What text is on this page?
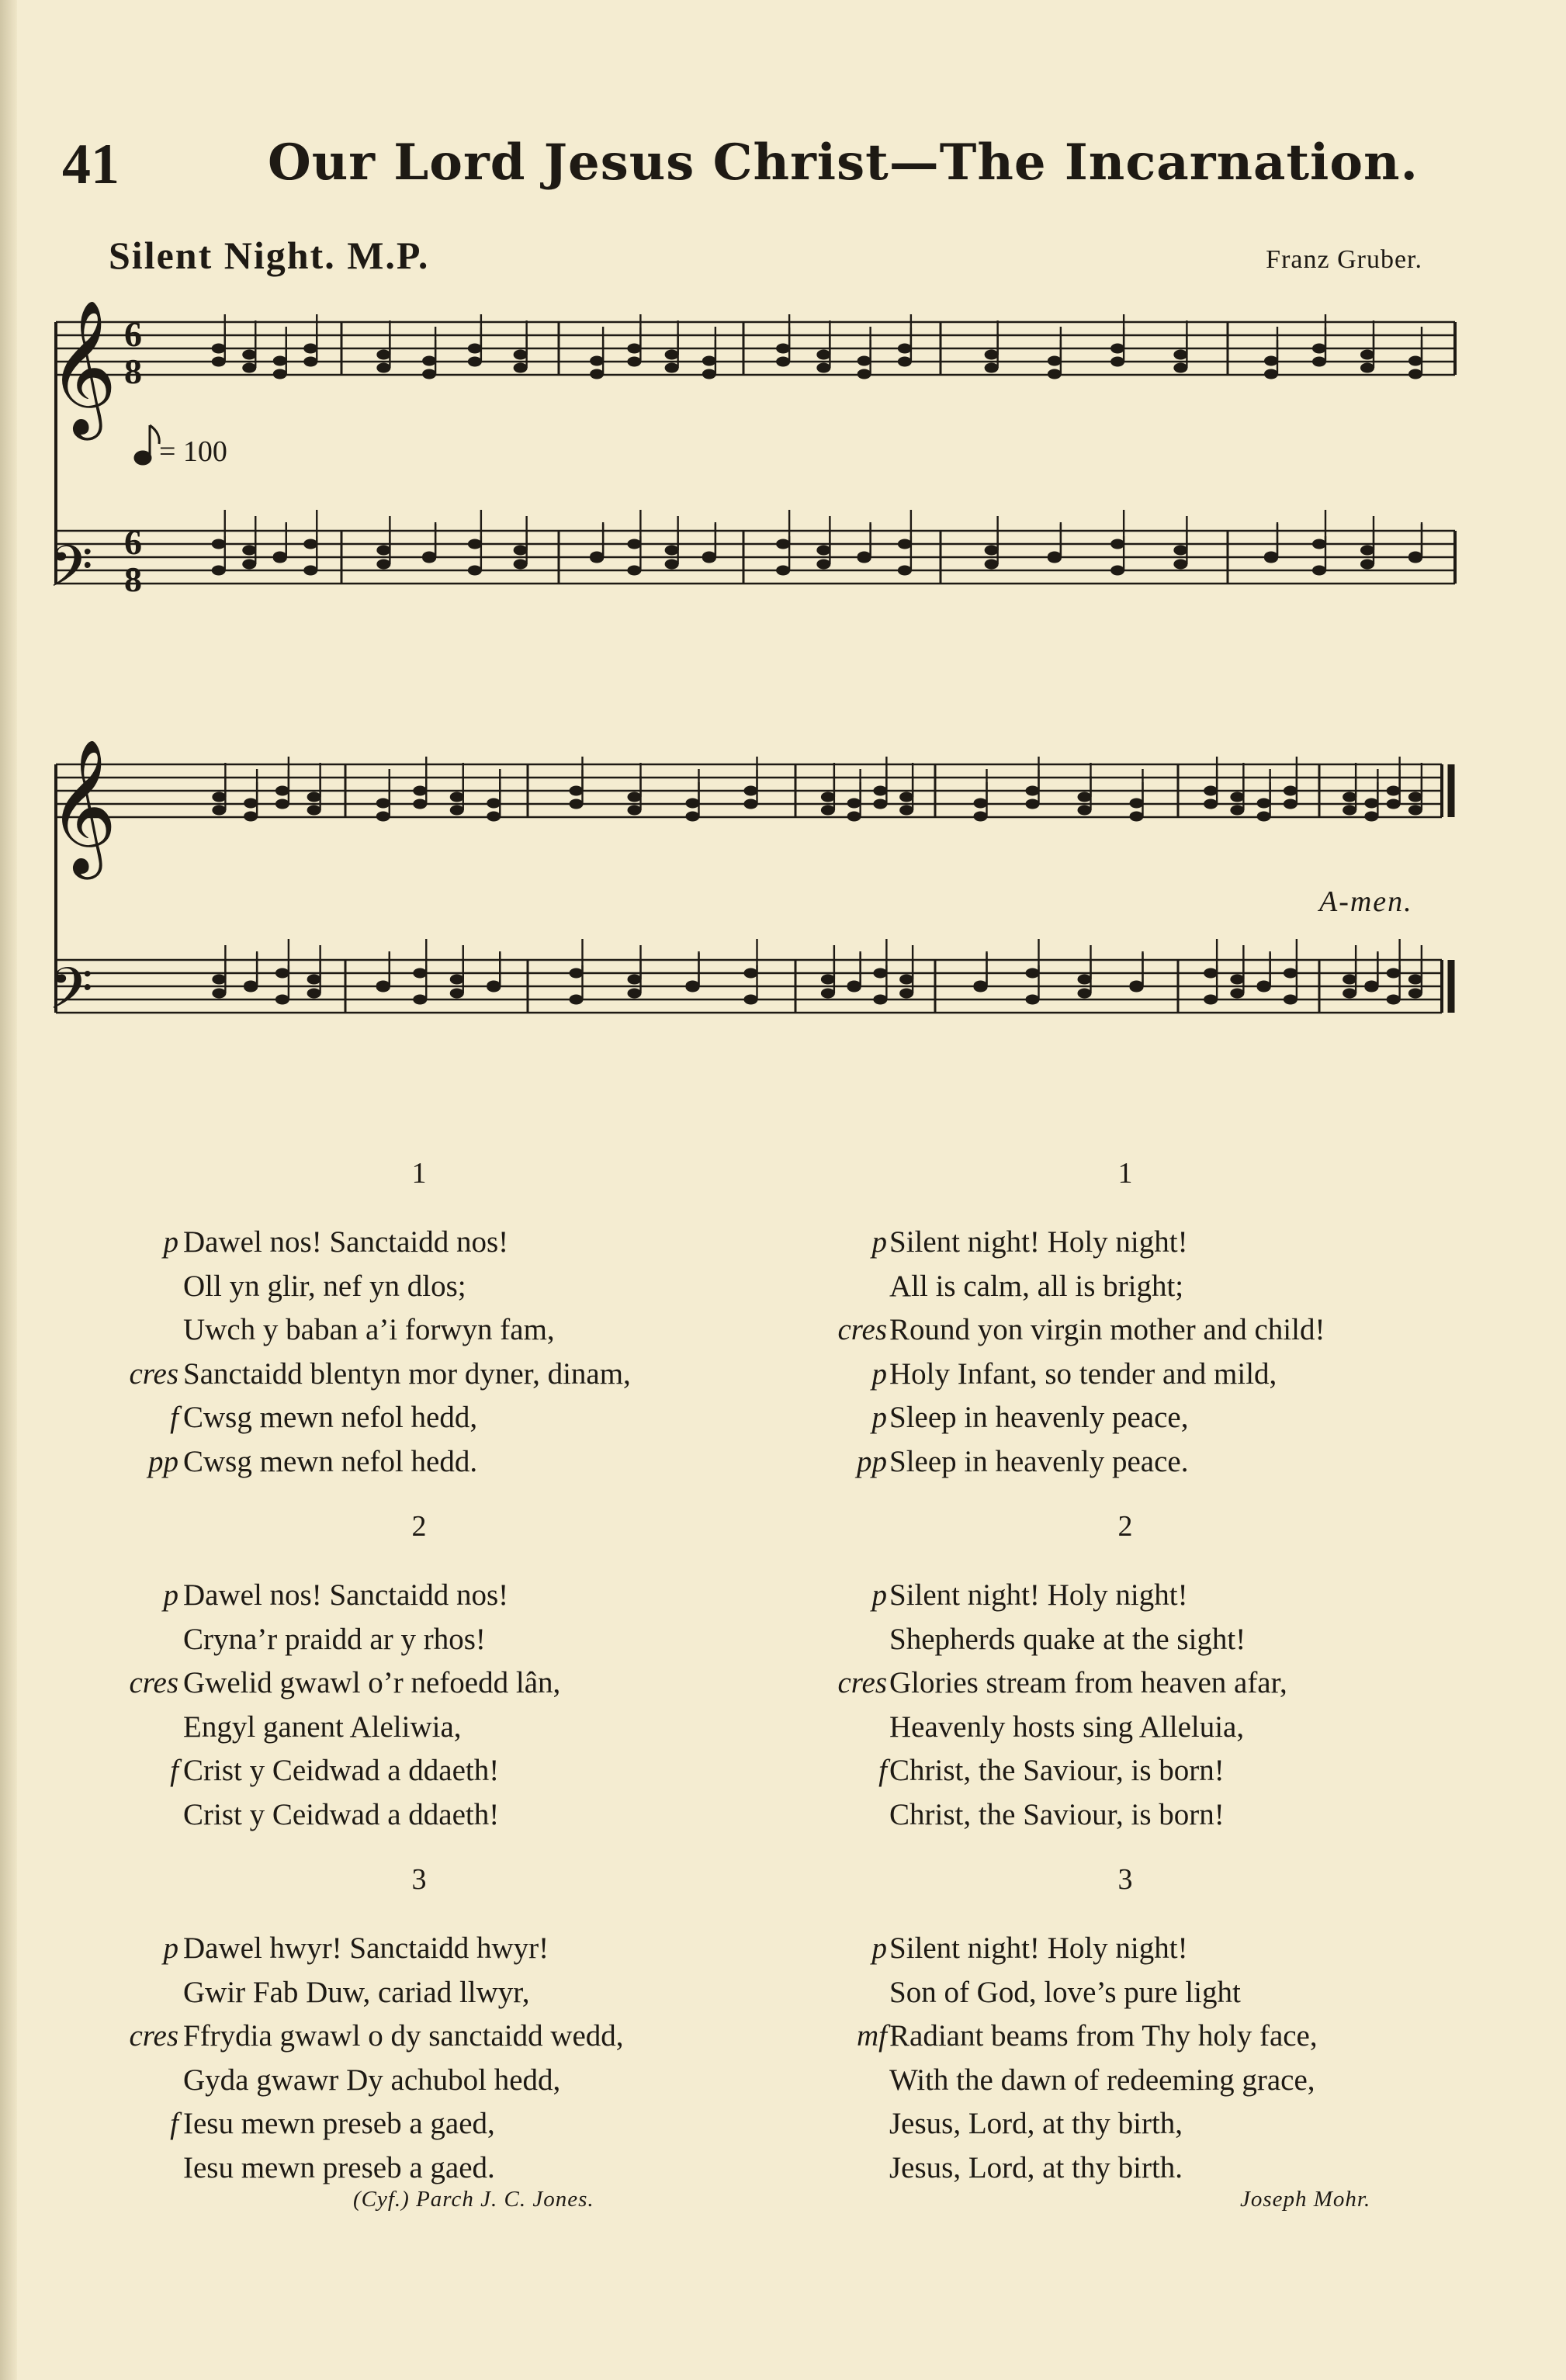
41	Our Lord Jesus Christ—The Incarnation.
Silent Night. M.P.	Franz Gruber.
𝄞
𝄢
𝄞
𝄢
6
8
6
8
= 100
A-men.
1
p Dawel nos! Sanctaidd nos!
Oll yn glir, nef yn dlos;
Uwch y baban a’i forwyn fam,
cres Sanctaidd blentyn mor dyner, dinam,
f Cwsg mewn nefol hedd,
pp Cwsg mewn nefol hedd.
2
p Dawel nos! Sanctaidd nos!
Cryna’r praidd ar y rhos!
cres Gwelid gwawl o’r nefoedd lân,
Engyl ganent Aleliwia,
f Crist y Ceidwad a ddaeth!
Crist y Ceidwad a ddaeth!
3
p Dawel hwyr! Sanctaidd hwyr!
Gwir Fab Duw, cariad llwyr,
cres Ffrydia gwawl o dy sanctaidd wedd,
Gyda gwawr Dy achubol hedd,
f Iesu mewn preseb a gaed,
Iesu mewn preseb a gaed.
1
p Silent night! Holy night!
All is calm, all is bright;
cres Round yon virgin mother and child!
p Holy Infant, so tender and mild,
p Sleep in heavenly peace,
pp Sleep in heavenly peace.
2
p Silent night! Holy night!
Shepherds quake at the sight!
cres Glories stream from heaven afar,
Heavenly hosts sing Alleluia,
f Christ, the Saviour, is born!
Christ, the Saviour, is born!
3
p Silent night! Holy night!
Son of God, love’s pure light
mf Radiant beams from Thy holy face,
With the dawn of redeeming grace,
Jesus, Lord, at thy birth,
Jesus, Lord, at thy birth.
(Cyf.) Parch J. C. Jones.	Joseph Mohr.
